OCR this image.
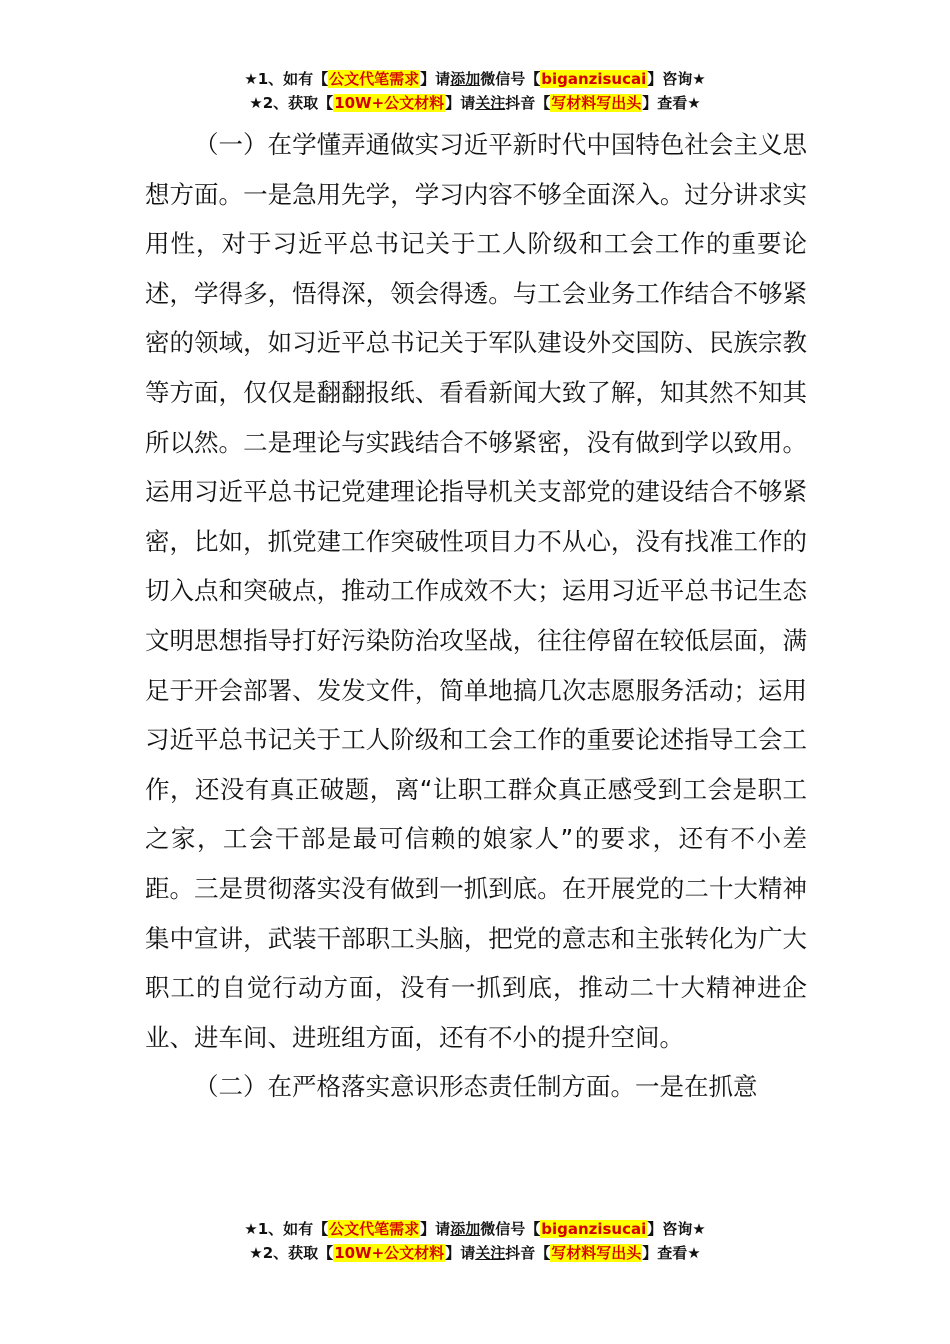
★1、如有【公文代笔需求】请添加微信号【biganzisucai】咨询★
★2、获取【10W+公文材料】请关注抖音【写材料写出头】查看★

（一）在学懂弄通做实习近平新时代中国特色社会主义思想方面。一是急用先学，学习内容不够全面深入。过分讲求实用性，对于习近平总书记关于工人阶级和工会工作的重要论述，学得多，悟得深，领会得透。与工会业务工作结合不够紧密的领域，如习近平总书记关于军队建设外交国防、民族宗教等方面，仅仅是翻翻报纸、看看新闻大致了解，知其然不知其所以然。二是理论与实践结合不够紧密，没有做到学以致用。运用习近平总书记党建理论指导机关支部党的建设结合不够紧密，比如，抓党建工作突破性项目力不从心，没有找准工作的切入点和突破点，推动工作成效不大；运用习近平总书记生态文明思想指导打好污染防治攻坚战，往往停留在较低层面，满足于开会部署、发发文件，简单地搞几次志愿服务活动；运用习近平总书记关于工人阶级和工会工作的重要论述指导工会工作，还没有真正破题，离“让职工群众真正感受到工会是职工之家，工会干部是最可信赖的娘家人”的要求，还有不小差距。三是贯彻落实没有做到一抓到底。在开展党的二十大精神集中宣讲，武装干部职工头脑，把党的意志和主张转化为广大职工的自觉行动方面，没有一抓到底，推动二十大精神进企业、进车间、进班组方面，还有不小的提升空间。

（二）在严格落实意识形态责任制方面。一是在抓意

★1、如有【公文代笔需求】请添加微信号【biganzisucai】咨询★
★2、获取【10W+公文材料】请关注抖音【写材料写出头】查看★
